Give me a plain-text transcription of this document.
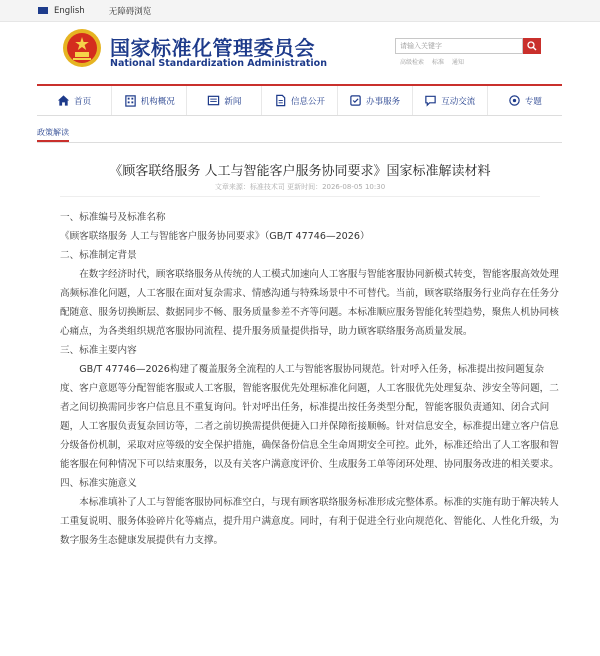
English	无障碍浏览
国家标准化管理委员会
National Standardization Administration
请输入关键字
高级检索 标准 通知
首页	机构概况	新闻	信息公开	办事服务	互动交流	专题
政策解读
《顾客联络服务 人工与智能客户服务协同要求》国家标准解读材料
文章来源：标准技术司 更新时间：2026-08-05 10:30

一、标准编号及标准名称

《顾客联络服务 人工与智能客户服务协同要求》（GB/T 47746—2026）

二、标准制定背景

在数字经济时代，顾客联络服务从传统的人工模式加速向人工客服与智能客服协同新模式转变，智能客服高效处理高频标准化问题，人工客服在面对复杂需求、情感沟通与特殊场景中不可替代。当前，顾客联络服务行业尚存在任务分配随意、服务切换断层、数据同步不畅、服务质量参差不齐等问题。本标准顺应服务智能化转型趋势，聚焦人机协同核心痛点，为各类组织规范客服协同流程、提升服务质量提供指导，助力顾客联络服务高质量发展。

三、标准主要内容

GB/T 47746—2026构建了覆盖服务全流程的人工与智能客服协同规范。针对呼入任务，标准提出按问题复杂度、客户意愿等分配智能客服或人工客服，智能客服优先处理标准化问题，人工客服优先处理复杂、涉安全等问题，二者之间切换需同步客户信息且不重复询问。针对呼出任务，标准提出按任务类型分配，智能客服负责通知、闭合式问题，人工客服负责复杂回访等，二者之前切换需提供便捷入口并保障衔接顺畅。针对信息安全，标准提出建立客户信息分级备份机制，采取对应等级的安全保护措施，确保备份信息全生命周期安全可控。此外，标准还给出了人工客服和智能客服在何种情况下可以结束服务，以及有关客户满意度评价、生成服务工单等闭环处理、协同服务改进的相关要求。

四、标准实施意义

本标准填补了人工与智能客服协同标准空白，与现有顾客联络服务标准形成完整体系。标准的实施有助于解决转人工重复说明、服务体验碎片化等痛点，提升用户满意度。同时，有利于促进全行业向规范化、智能化、人性化升级，为数字服务生态健康发展提供有力支撑。
